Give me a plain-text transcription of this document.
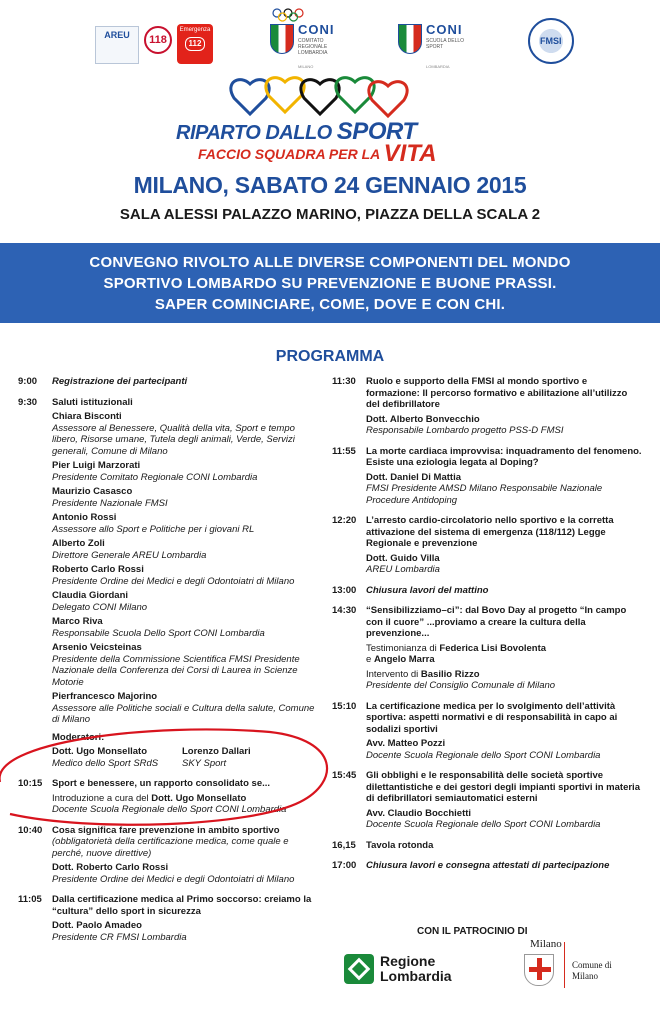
AREU	118
Emergenza
112
CONI
COMITATO REGIONALE LOMBARDIA
MILANO
CONI
SCUOLA DELLO SPORT
LOMBARDIA
FMSI
RIPARTO DALLO SPORT
FACCIO SQUADRA PER LA VITA
MILANO, SABATO 24 GENNAIO 2015
SALA ALESSI PALAZZO MARINO, PIAZZA DELLA SCALA 2
CONVEGNO RIVOLTO ALLE DIVERSE COMPONENTI DEL MONDO
SPORTIVO LOMBARDO SU PREVENZIONE E BUONE PRASSI.
SAPER COMINCIARE, COME, DOVE E CON CHI.
PROGRAMMA
9:00	Registrazione dei partecipanti
9:30	Saluti istituzionali
Chiara Bisconti
Assessore al Benessere, Qualità della vita, Sport e tempo libero, Risorse umane, Tutela degli animali, Verde, Servizi generali, Comune di Milano
Pier Luigi Marzorati
Presidente Comitato Regionale CONI Lombardia
Maurizio Casasco
Presidente Nazionale FMSI
Antonio Rossi
Assessore allo Sport e Politiche per i giovani RL
Alberto Zoli
Direttore Generale AREU Lombardia
Roberto Carlo Rossi
Presidente Ordine dei Medici e degli Odontoiatri di Milano
Claudia Giordani
Delegato CONI Milano
Marco Riva
Responsabile Scuola Dello Sport CONI Lombardia
Arsenio Veicsteinas
Presidente della Commissione Scientifica FMSI Presidente Nazionale della Conferenza dei Corsi di Laurea in Scienze Motorie
Pierfrancesco Majorino
Assessore alle Politiche sociali e Cultura della salute, Comune di Milano
Moderatori:
Dott. Ugo Monsellato
Medico dello Sport SRdS
Lorenzo Dallari
SKY Sport
10:15	Sport e benessere, un rapporto consolidato se...
Introduzione a cura del Dott. Ugo Monsellato
Docente Scuola Regionale dello Sport CONI Lombardia
10:40	Cosa significa fare prevenzione in ambito sportivo
(obbligatorietà della certificazione medica, come quale e perché, nuove direttive)
Dott. Roberto Carlo Rossi
Presidente Ordine dei Medici e degli Odontoiatri di Milano
11:05	Dalla certificazione medica al Primo soccorso: creiamo la “cultura” dello sport in sicurezza
Dott. Paolo Amadeo
Presidente CR FMSI Lombardia
11:30	Ruolo e supporto della FMSI al mondo sportivo e formazione: Il percorso formativo e abilitazione all’utilizzo del defibrillatore
Dott. Alberto Bonvecchio
Responsabile Lombardo progetto PSS-D FMSI
11:55	La morte cardiaca improvvisa: inquadramento del fenomeno. Esiste una eziologia legata al Doping?
Dott. Daniel Di Mattia
FMSI Presidente AMSD Milano Responsabile Nazionale Procedure Antidoping
12:20	L’arresto cardio-circolatorio nello sportivo e la corretta attivazione del sistema di emergenza (118/112) Legge Regionale e prevenzione
Dott. Guido Villa
AREU Lombardia
13:00	Chiusura lavori del mattino
14:30	“Sensibilizziamo–ci”: dal Bovo Day al progetto “In campo con il cuore” ...proviamo a creare la cultura della prevenzione...
Testimonianza di Federica Lisi Bovolenta
e Angelo Marra
Intervento di Basilio Rizzo
Presidente del Consiglio Comunale di Milano
15:10	La certificazione medica per lo svolgimento dell’attività sportiva: aspetti normativi e di responsabilità in capo ai sodalizi sportivi
Avv. Matteo Pozzi
Docente Scuola Regionale dello Sport CONI Lombardia
15:45	Gli obblighi e le responsabilità delle società sportive dilettantistiche e dei gestori degli impianti sportivi in materia di defibrillatori semiautomatici esterni
Avv. Claudio Bocchietti
Docente Scuola Regionale dello Sport CONI Lombardia
16,15	Tavola rotonda
17:00	Chiusura lavori e consegna attestati di partecipazione
CON IL PATROCINIO DI
Regione Lombardia
Milano
Comune di Milano
